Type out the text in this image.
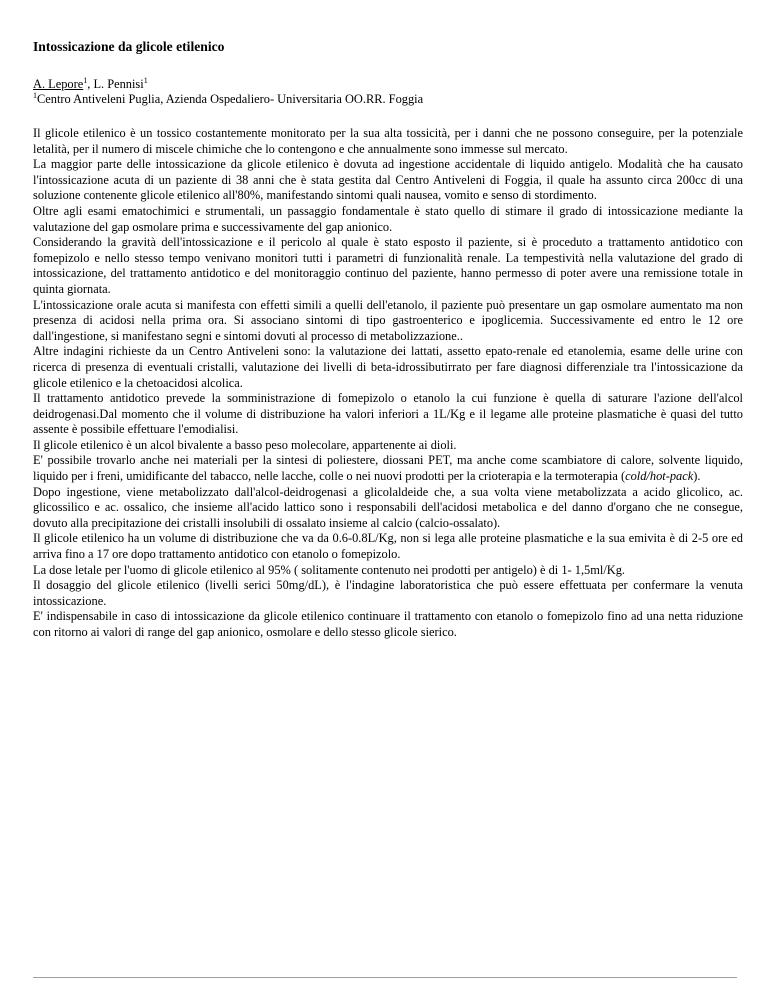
Intossicazione da glicole etilenico

A. Lepore$^1$, L. Pennisi$^1$

$^1$Centro Antiveleni Puglia, Azienda Ospedaliero- Universitaria OO.RR. Foggia

Il glicole etilenico è un tossico costantemente monitorato per la sua alta tossicità, per i danni che ne possono conseguire, per la potenziale letalità, per il numero di miscele chimiche che lo contengono e che annualmente sono immesse sul mercato.

La maggior parte delle intossicazione da glicole etilenico è dovuta ad ingestione accidentale di liquido antigelo. Modalità che ha causato l'intossicazione acuta di un paziente di 38 anni che è stata gestita dal Centro Antiveleni di Foggia, il quale ha assunto circa 200cc di una soluzione contenente glicole etilenico all'80%, manifestando sintomi quali nausea, vomito e senso di stordimento.

Oltre agli esami ematochimici e strumentali, un passaggio fondamentale è stato quello di stimare il grado di intossicazione mediante la valutazione del gap osmolare prima e successivamente del gap anionico.

Considerando la gravità dell'intossicazione e il pericolo al quale è stato esposto il paziente, si è proceduto a trattamento antidotico con fomepizolo e nello stesso tempo venivano monitori tutti i parametri di funzionalità renale. La tempestività nella valutazione del grado di intossicazione, del trattamento antidotico e del monitoraggio continuo del paziente, hanno permesso di poter avere una remissione totale in quinta giornata.

L'intossicazione orale acuta si manifesta con effetti simili a quelli dell'etanolo, il paziente può presentare un gap osmolare aumentato ma non presenza di acidosi nella prima ora. Si associano sintomi di tipo gastroenterico e ipoglicemia. Successivamente ed entro le 12 ore dall'ingestione, si manifestano segni e sintomi dovuti al processo di metabolizzazione..

Altre indagini richieste da un Centro Antiveleni sono: la valutazione dei lattati, assetto epato-renale ed etanolemia, esame delle urine con ricerca di presenza di eventuali cristalli, valutazione dei livelli di beta-idrossibutirrato per fare diagnosi differenziale tra l'intossicazione da glicole etilenico e la chetoacidosi alcolica.

Il trattamento antidotico prevede la somministrazione di fomepizolo o etanolo la cui funzione è quella di saturare l'azione dell'alcol deidrogenasi.Dal momento che il volume di distribuzione ha valori inferiori a 1L/Kg e il legame alle proteine plasmatiche è quasi del tutto assente è possibile effettuare l'emodialisi.

Il glicole etilenico è un alcol bivalente a basso peso molecolare, appartenente ai dioli.

E' possibile trovarlo anche nei materiali per la sintesi di poliestere, diossani PET, ma anche come scambiatore di calore, solvente liquido, liquido per i freni, umidificante del tabacco, nelle lacche, colle o nei nuovi prodotti per la crioterapia e la termoterapia (cold/hot-pack).

Dopo ingestione, viene metabolizzato dall'alcol-deidrogenasi a glicolaldeide che, a sua volta viene metabolizzata a acido glicolico, ac. glicossilico e ac. ossalico, che insieme all'acido lattico sono i responsabili dell'acidosi metabolica e del danno d'organo che ne consegue, dovuto alla precipitazione dei cristalli insolubili di ossalato insieme al calcio (calcio-ossalato).

Il glicole etilenico ha un volume di distribuzione che va da 0.6-0.8L/Kg, non si lega alle proteine plasmatiche e la sua emivita è di 2-5 ore ed arriva fino a 17 ore dopo trattamento antidotico con etanolo o fomepizolo.

La dose letale per l'uomo di glicole etilenico al 95% ( solitamente contenuto nei prodotti per antigelo) è di 1- 1,5ml/Kg.

Il dosaggio del glicole etilenico (livelli serici 50mg/dL), è l'indagine laboratoristica che può essere effettuata per confermare la venuta intossicazione.

E' indispensabile in caso di intossicazione da glicole etilenico continuare il trattamento con etanolo o fomepizolo fino ad una netta riduzione con ritorno ai valori di range del gap anionico, osmolare e dello stesso glicole sierico.
